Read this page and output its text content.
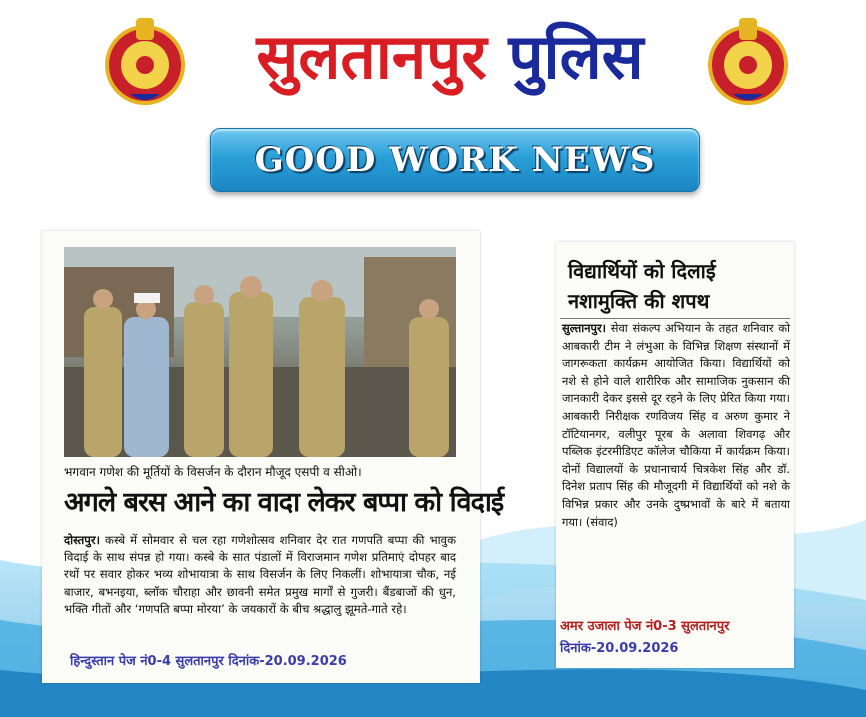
सुलतानपुर पुलिस
GOOD WORK NEWS
भगवान गणेश की मूर्तियों के विसर्जन के दौरान मौजूद एसपी व सीओ।
अगले बरस आने का वादा लेकर बप्पा को विदाई
दोस्तपुर। कस्बे में सोमवार से चल रहा गणेशोत्सव शनिवार देर रात गणपति बप्पा की भावुक विदाई के साथ संपन्न हो गया। कस्बे के सात पंडालों में विराजमान गणेश प्रतिमाएं दोपहर बाद रथों पर सवार होकर भव्य शोभायात्रा के साथ विसर्जन के लिए निकलीं। शोभायात्रा चौक, नई बाजार, बभनइया, ब्लॉक चौराहा और छावनी समेत प्रमुख मार्गों से गुजरी। बैंडबाजों की धुन, भक्ति गीतों और ‘गणपति बप्पा मोरया’ के जयकारों के बीच श्रद्धालु झूमते-गाते रहे।
हिन्दुस्तान पेज नं0-4 सुलतानपुर दिनांक-20.09.2026
विद्यार्थियों को दिलाई नशामुक्ति की शपथ
सुल्तानपुर। सेवा संकल्प अभियान के तहत शनिवार को आबकारी टीम ने लंभुआ के विभिन्न शिक्षण संस्थानों में जागरूकता कार्यक्रम आयोजित किया। विद्यार्थियों को नशे से होने वाले शारीरिक और सामाजिक नुकसान की जानकारी देकर इससे दूर रहने के लिए प्रेरित किया गया। आबकारी निरीक्षक रणविजय सिंह व अरुण कुमार ने टॉटियानगर, वलीपुर पूरब के अलावा शिवगढ़ और पब्लिक इंटरमीडिएट कॉलेज चौकिया में कार्यक्रम किया। दोनों विद्यालयों के प्रधानाचार्य चित्रकेश सिंह और डॉ. दिनेश प्रताप सिंह की मौजूदगी में विद्यार्थियों को नशे के विभिन्न प्रकार और उनके दुष्प्रभावों के बारे में बताया गया। (संवाद)
अमर उजाला पेज नं0-3 सुलतानपुर
दिनांक-20.09.2026
